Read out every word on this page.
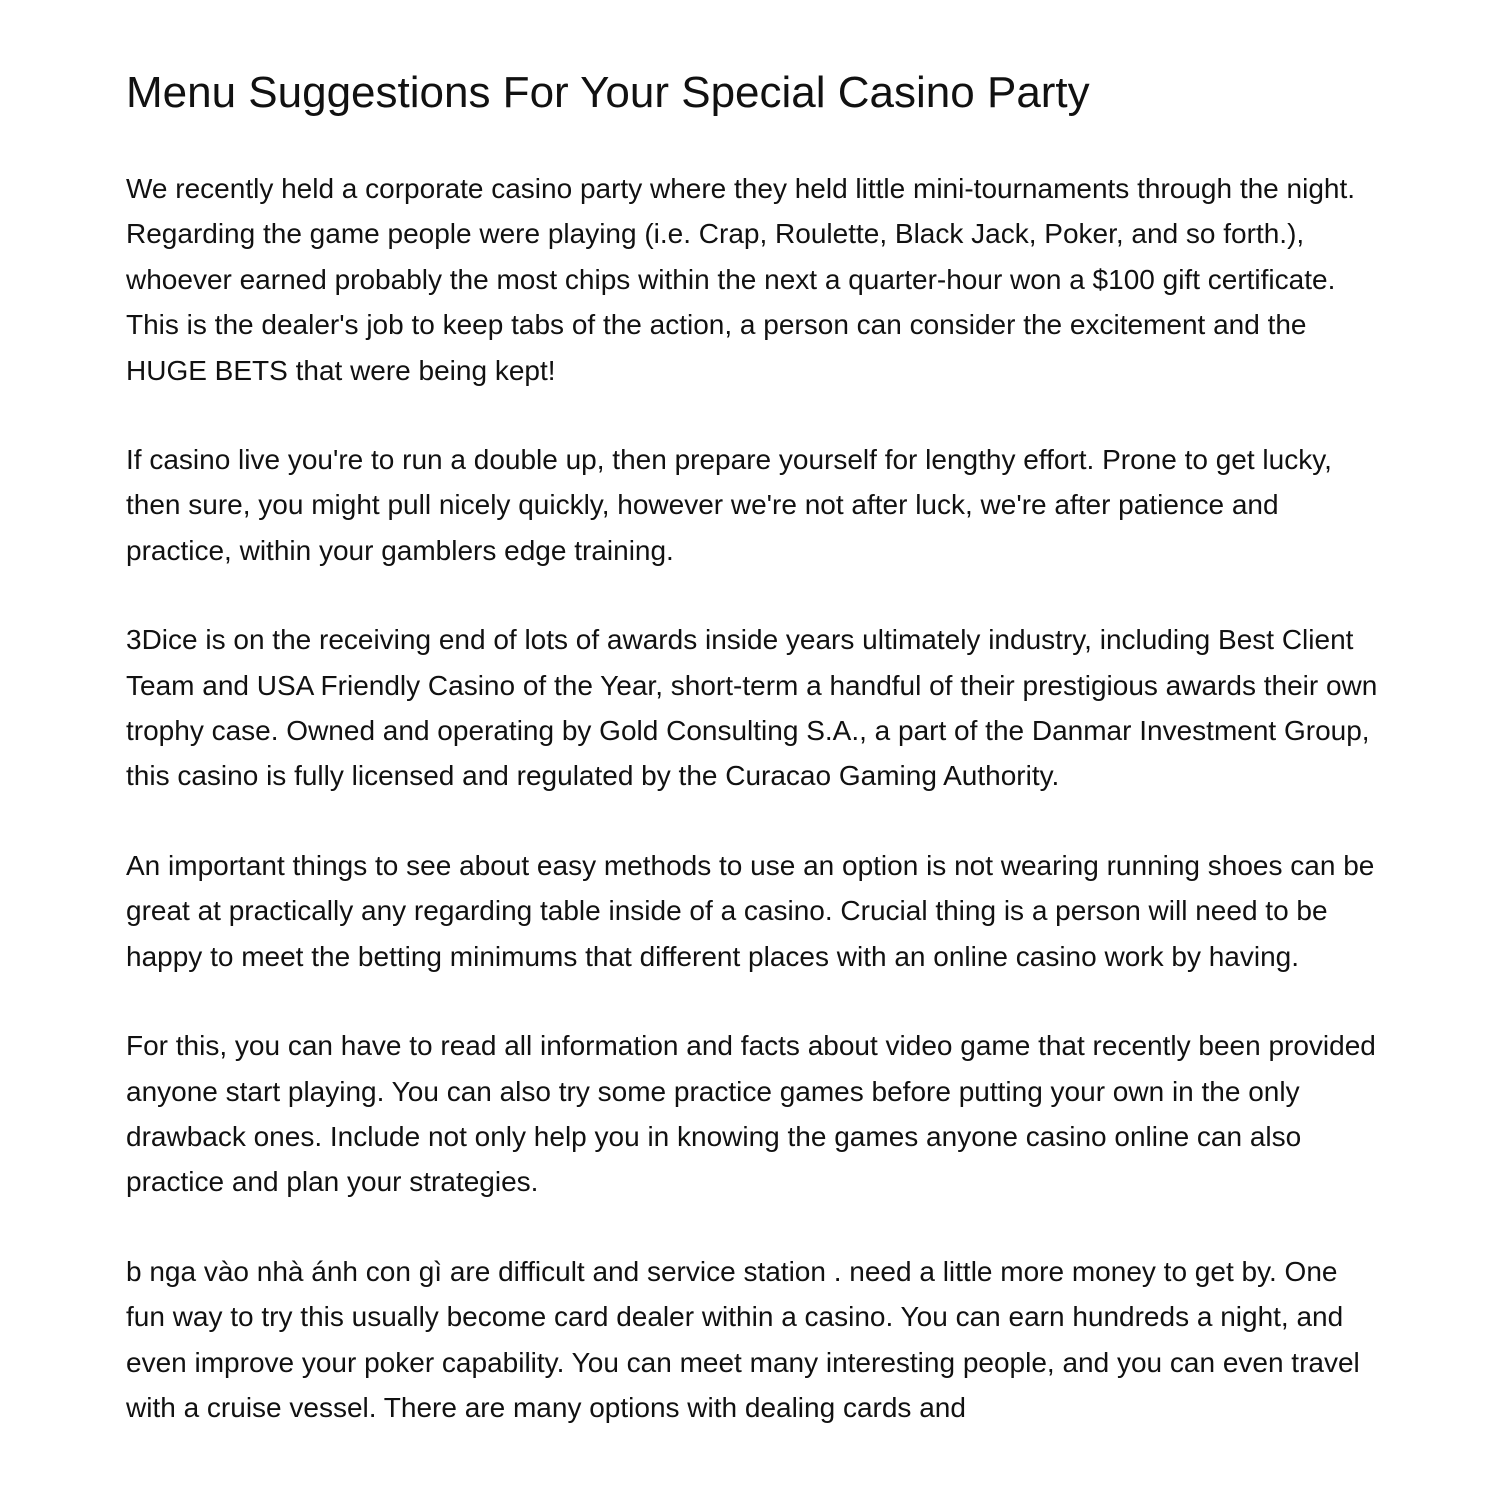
Menu Suggestions For Your Special Casino Party

We recently held a corporate casino party where they held little mini-tournaments through the night. Regarding the game people were playing (i.e. Crap, Roulette, Black Jack, Poker, and so forth.), whoever earned probably the most chips within the next a quarter-hour won a $100 gift certificate. This is the dealer's job to keep tabs of the action, a person can consider the excitement and the HUGE BETS that were being kept!

If casino live you're to run a double up, then prepare yourself for lengthy effort. Prone to get lucky, then sure, you might pull nicely quickly, however we're not after luck, we're after patience and practice, within your gamblers edge training.

3Dice is on the receiving end of lots of awards inside years ultimately industry, including Best Client Team and USA Friendly Casino of the Year, short-term a handful of their prestigious awards their own trophy case. Owned and operating by Gold Consulting S.A., a part of the Danmar Investment Group, this casino is fully licensed and regulated by the Curacao Gaming Authority.

An important things to see about easy methods to use an option is not wearing running shoes can be great at practically any regarding table inside of a casino. Crucial thing is a person will need to be happy to meet the betting minimums that different places with an online casino work by having.

For this, you can have to read all information and facts about video game that recently been provided anyone start playing. You can also try some practice games before putting your own in the only drawback ones. Include not only help you in knowing the games anyone casino online can also practice and plan your strategies.

b nga vào nhà ánh con gì are difficult and service station . need a little more money to get by. One fun way to try this usually become card dealer within a casino. You can earn hundreds a night, and even improve your poker capability. You can meet many interesting people, and you can even travel with a cruise vessel. There are many options with dealing cards and
